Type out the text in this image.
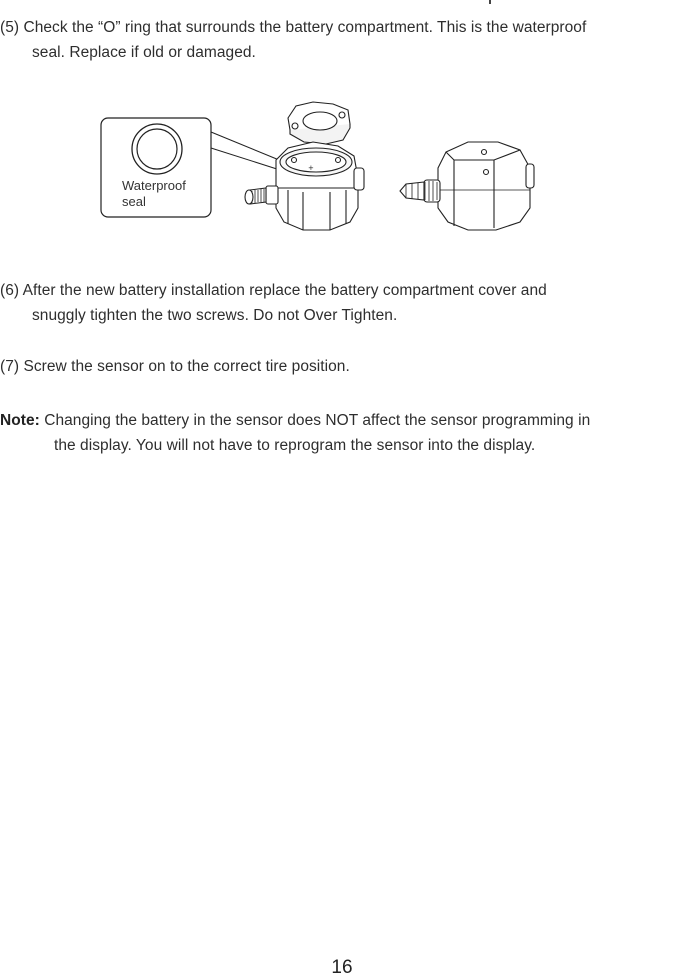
(5) Check the “O” ring that surrounds the battery compartment. This is the waterproof
seal. Replace if old or damaged.
Waterproof
seal
+
(6) After the new battery installation replace the battery compartment cover and
snuggly tighten the two screws. Do not Over Tighten.
(7) Screw the sensor on to the correct tire position.
Note: Changing the battery in the sensor does NOT affect the sensor programming in
the display. You will not have to reprogram the sensor into the display.
16
